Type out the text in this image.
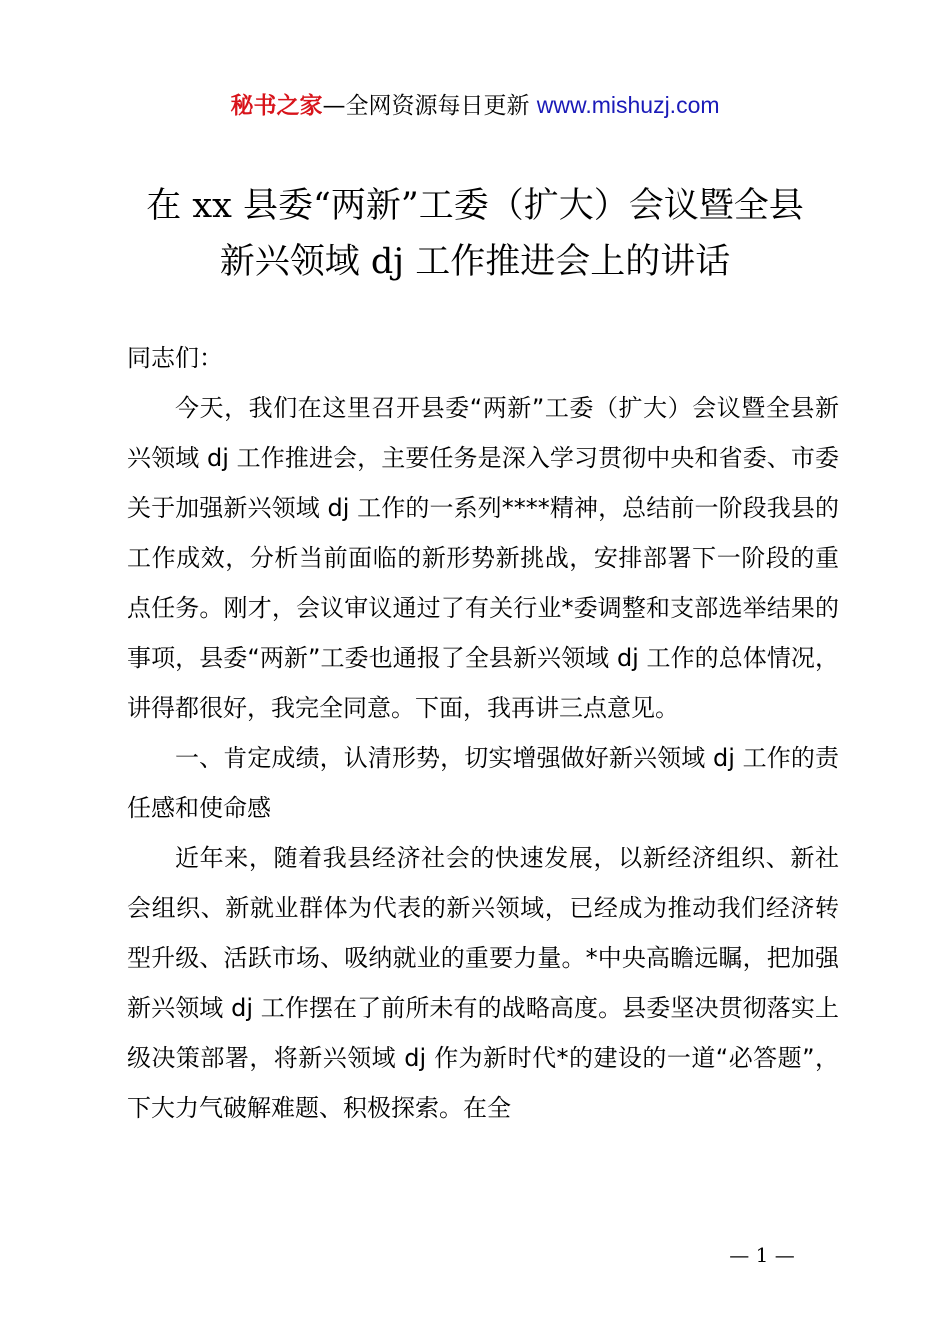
秘书之家—全网资源每日更新 www.mishuzj.com
在 xx 县委“两新”工委（扩大）会议暨全县
新兴领域 dj 工作推进会上的讲话

同志们：

今天，我们在这里召开县委“两新”工委（扩大）会议暨全县新兴领域 dj 工作推进会，主要任务是深入学习贯彻中央和省委、市委关于加强新兴领域 dj 工作的一系列****精神，总结前一阶段我县的工作成效，分析当前面临的新形势新挑战，安排部署下一阶段的重点任务。刚才，会议审议通过了有关行业*委调整和支部选举结果的事项，县委“两新”工委也通报了全县新兴领域 dj 工作的总体情况，讲得都很好，我完全同意。下面，我再讲三点意见。

一、肯定成绩，认清形势，切实增强做好新兴领域 dj 工作的责任感和使命感

近年来，随着我县经济社会的快速发展，以新经济组织、新社会组织、新就业群体为代表的新兴领域，已经成为推动我们经济转型升级、活跃市场、吸纳就业的重要力量。*中央高瞻远瞩，把加强新兴领域 dj 工作摆在了前所未有的战略高度。县委坚决贯彻落实上级决策部署，将新兴领域 dj 作为新时代*的建设的一道“必答题”，下大力气破解难题、积极探索。在全

— 1 —
